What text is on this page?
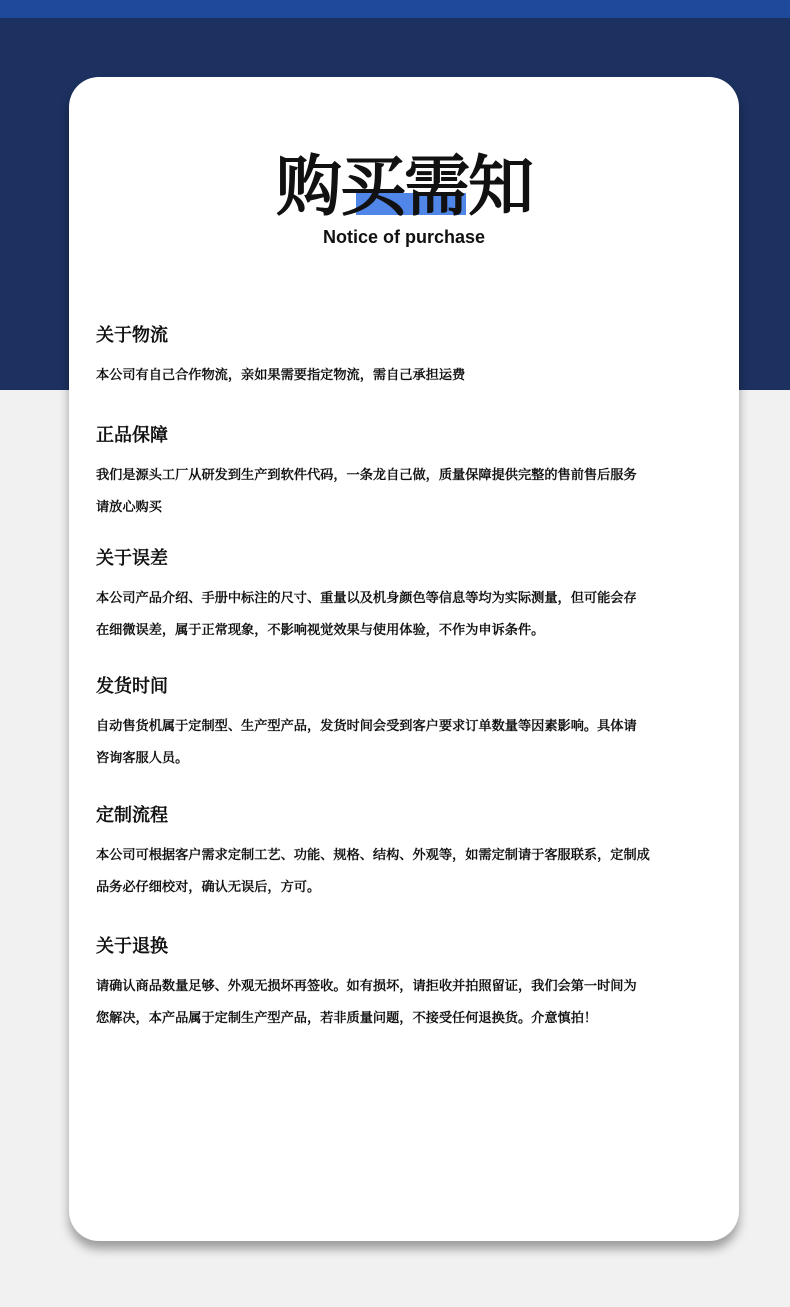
购买需知
Notice of purchase
关于物流

本公司有自己合作物流，亲如果需要指定物流，需自己承担运费

正品保障

我们是源头工厂从研发到生产到软件代码，一条龙自己做，质量保障提供完整的售前售后服务

请放心购买

关于误差

本公司产品介绍、手册中标注的尺寸、重量以及机身颜色等信息等均为实际测量，但可能会存

在细微误差，属于正常现象，不影响视觉效果与使用体验，不作为申诉条件。

发货时间

自动售货机属于定制型、生产型产品，发货时间会受到客户要求订单数量等因素影响。具体请

咨询客服人员。

定制流程

本公司可根据客户需求定制工艺、功能、规格、结构、外观等，如需定制请于客服联系，定制成

品务必仔细校对，确认无误后，方可。

关于退换

请确认商品数量足够、外观无损坏再签收。如有损坏，请拒收并拍照留证，我们会第一时间为

您解决，本产品属于定制生产型产品，若非质量问题，不接受任何退换货。介意慎拍！
